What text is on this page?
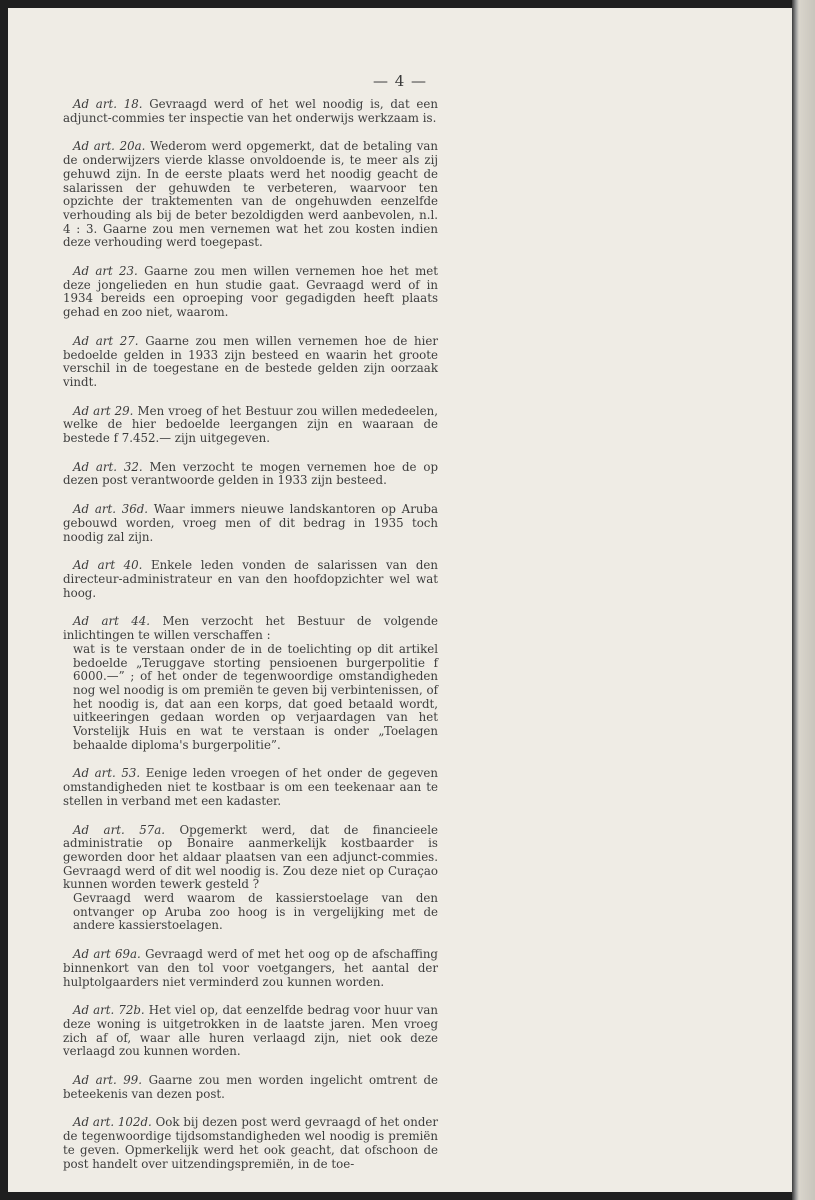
— 4 —

Ad art. 18. Gevraagd werd of het wel noodig is, dat een adjunct-commies ter inspectie van het onderwijs werkzaam is.

Ad art. 20a. Wederom werd opgemerkt, dat de betaling van de onderwijzers vierde klasse onvoldoende is, te meer als zij gehuwd zijn. In de eerste plaats werd het noodig geacht de salarissen der gehuwden te verbeteren, waarvoor ten opzichte der traktementen van de ongehuwden eenzelfde verhouding als bij de beter bezoldigden werd aanbevolen, n.l. 4 : 3. Gaarne zou men vernemen wat het zou kosten indien deze verhouding werd toegepast.

Ad art 23. Gaarne zou men willen vernemen hoe het met deze jongelieden en hun studie gaat. Gevraagd werd of in 1934 bereids een oproeping voor gegadigden heeft plaats gehad en zoo niet, waarom.

Ad art 27. Gaarne zou men willen vernemen hoe de hier bedoelde gelden in 1933 zijn besteed en waarin het groote verschil in de toegestane en de bestede gelden zijn oorzaak vindt.

Ad art 29. Men vroeg of het Bestuur zou willen mededeelen, welke de hier bedoelde leergangen zijn en waaraan de bestede f 7.452.— zijn uitgegeven.

Ad art. 32. Men verzocht te mogen vernemen hoe de op dezen post verantwoorde gelden in 1933 zijn besteed.

Ad art. 36d. Waar immers nieuwe landskantoren op Aruba gebouwd worden, vroeg men of dit bedrag in 1935 toch noodig zal zijn.

Ad art 40. Enkele leden vonden de salarissen van den directeur-administrateur en van den hoofdopzichter wel wat hoog.

Ad art 44. Men verzocht het Bestuur de volgende inlichtingen te willen verschaffen :
wat is te verstaan onder de in de toelichting op dit artikel bedoelde „Teruggave storting pensioenen burgerpolitie f 6000.—” ; of het onder de tegenwoordige omstandigheden nog wel noodig is om premiën te geven bij verbintenissen, of het noodig is, dat aan een korps, dat goed betaald wordt, uitkeeringen gedaan worden op verjaardagen van het Vorstelijk Huis en wat te verstaan is onder „Toelagen behaalde diploma's burgerpolitie”.

Ad art. 53. Eenige leden vroegen of het onder de gegeven omstandigheden niet te kostbaar is om een teekenaar aan te stellen in verband met een kadaster.

Ad art. 57a. Opgemerkt werd, dat de financieele administratie op Bonaire aanmerkelijk kostbaarder is geworden door het aldaar plaatsen van een adjunct-commies. Gevraagd werd of dit wel noodig is. Zou deze niet op Curaçao kunnen worden tewerk gesteld ?
Gevraagd werd waarom de kassierstoelage van den ontvanger op Aruba zoo hoog is in vergelijking met de andere kassierstoelagen.

Ad art 69a. Gevraagd werd of met het oog op de afschaffing binnenkort van den tol voor voetgangers, het aantal der hulptolgaarders niet verminderd zou kunnen worden.

Ad art. 72b. Het viel op, dat eenzelfde bedrag voor huur van deze woning is uitgetrokken in de laatste jaren. Men vroeg zich af of, waar alle huren verlaagd zijn, niet ook deze verlaagd zou kunnen worden.

Ad art. 99. Gaarne zou men worden ingelicht omtrent de beteekenis van dezen post.

Ad art. 102d. Ook bij dezen post werd gevraagd of het onder de tegenwoordige tijdsomstandigheden wel noodig is premiën te geven. Opmerkelijk werd het ook geacht, dat ofschoon de post handelt over uitzendingspremiën, in de toe-
